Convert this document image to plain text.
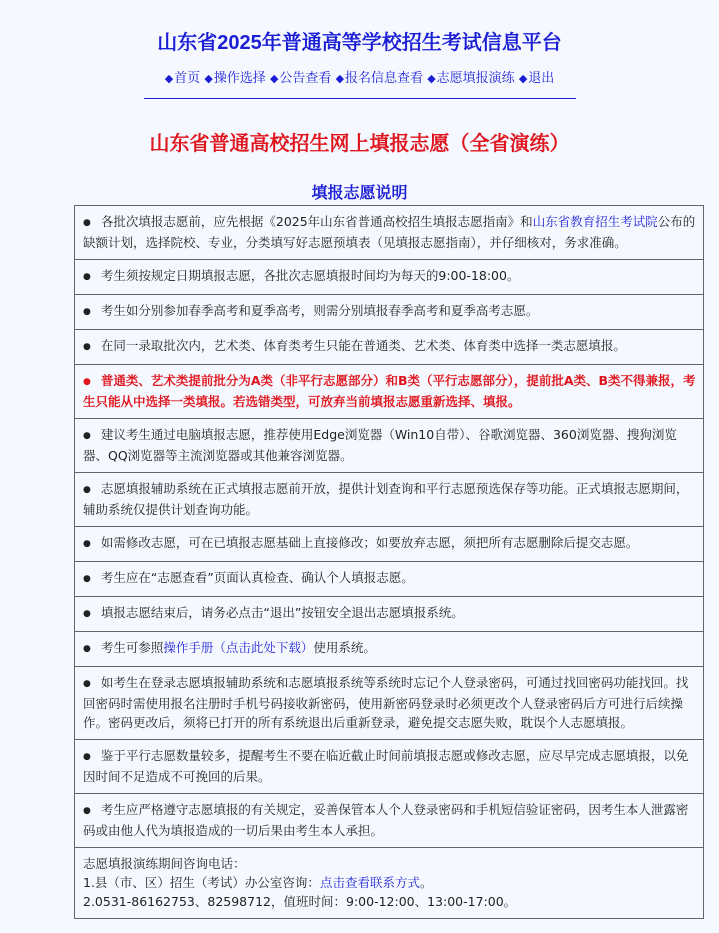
山东省2025年普通高等学校招生考试信息平台
◆首页 ◆操作选择 ◆公告查看 ◆报名信息查看 ◆志愿填报演练 ◆退出
山东省普通高校招生网上填报志愿（全省演练）
填报志愿说明
● 各批次填报志愿前，应先根据《2025年山东省普通高校招生填报志愿指南》和山东省教育招生考试院公布的缺额计划，选择院校、专业，分类填写好志愿预填表（见填报志愿指南），并仔细核对，务求准确。
● 考生须按规定日期填报志愿，各批次志愿填报时间均为每天的9:00-18:00。
● 考生如分别参加春季高考和夏季高考，则需分别填报春季高考和夏季高考志愿。
● 在同一录取批次内，艺术类、体育类考生只能在普通类、艺术类、体育类中选择一类志愿填报。
● 普通类、艺术类提前批分为A类（非平行志愿部分）和B类（平行志愿部分），提前批A类、B类不得兼报，考生只能从中选择一类填报。若选错类型，可放弃当前填报志愿重新选择、填报。
● 建议考生通过电脑填报志愿，推荐使用Edge浏览器（Win10自带）、谷歌浏览器、360浏览器、搜狗浏览器、QQ浏览器等主流浏览器或其他兼容浏览器。
● 志愿填报辅助系统在正式填报志愿前开放，提供计划查询和平行志愿预选保存等功能。正式填报志愿期间，辅助系统仅提供计划查询功能。
● 如需修改志愿，可在已填报志愿基础上直接修改；如要放弃志愿，须把所有志愿删除后提交志愿。
● 考生应在“志愿查看”页面认真检查、确认个人填报志愿。
● 填报志愿结束后，请务必点击“退出”按钮安全退出志愿填报系统。
● 考生可参照操作手册（点击此处下载）使用系统。
● 如考生在登录志愿填报辅助系统和志愿填报系统等系统时忘记个人登录密码，可通过找回密码功能找回。找回密码时需使用报名注册时手机号码接收新密码，使用新密码登录时必须更改个人登录密码后方可进行后续操作。密码更改后，须将已打开的所有系统退出后重新登录，避免提交志愿失败，耽误个人志愿填报。
● 鉴于平行志愿数量较多，提醒考生不要在临近截止时间前填报志愿或修改志愿，应尽早完成志愿填报，以免因时间不足造成不可挽回的后果。
● 考生应严格遵守志愿填报的有关规定，妥善保管本人个人登录密码和手机短信验证密码，因考生本人泄露密码或由他人代为填报造成的一切后果由考生本人承担。

志愿填报演练期间咨询电话：
1.县（市、区）招生（考试）办公室咨询：点击查看联系方式。
2.0531-86162753、82598712，值班时间：9:00-12:00、13:00-17:00。
